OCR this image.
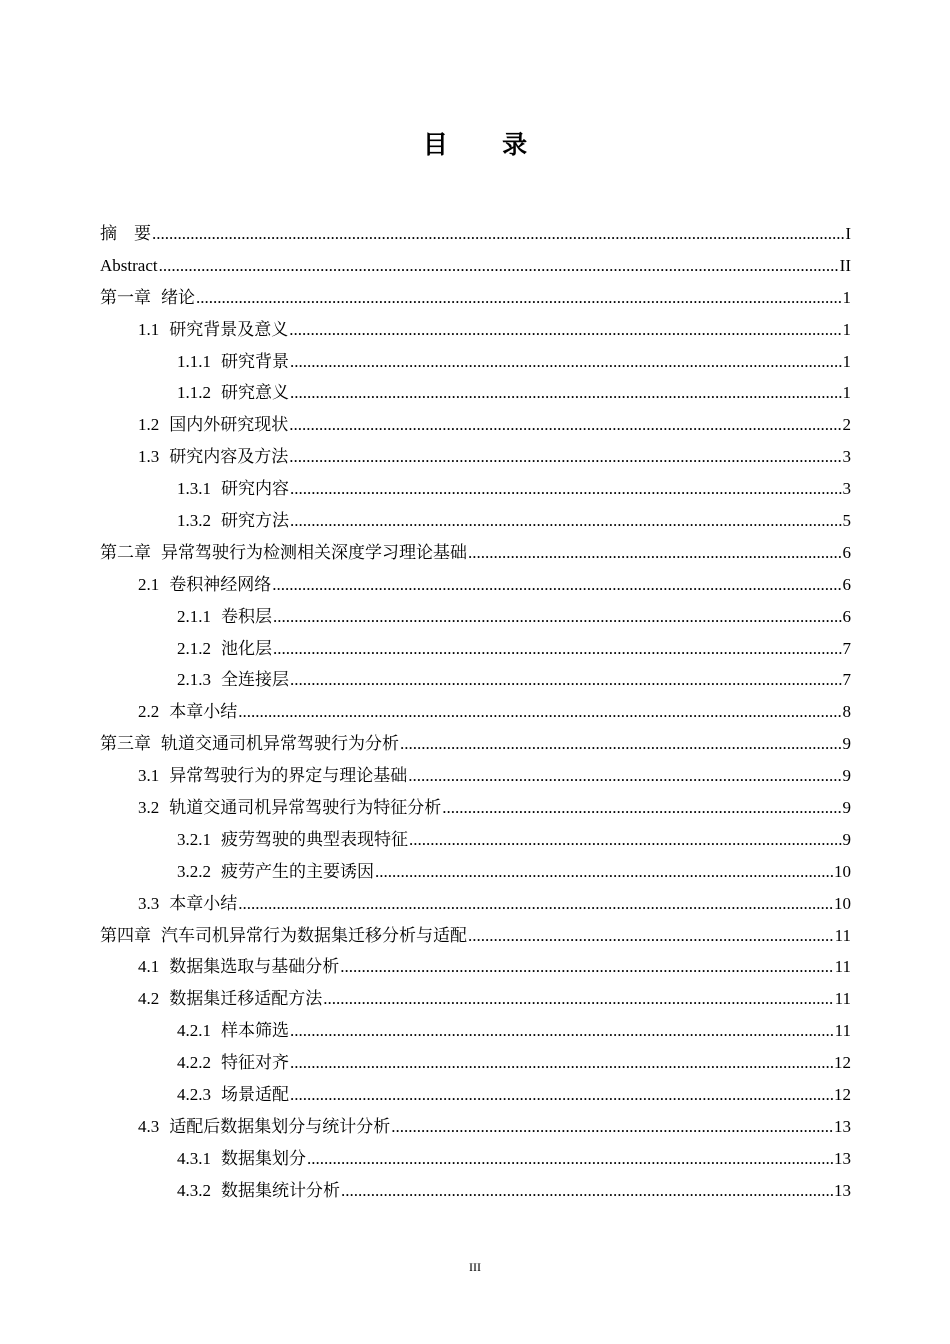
目 录
摘    要 .....	I
Abstract .....	II
第一章 绪论 .....	1
1.1 研究背景及意义 .....	1
1.1.1 研究背景 .....	1
1.1.2 研究意义 .....	1
1.2 国内外研究现状 .....	2
1.3 研究内容及方法 .....	3
1.3.1 研究内容 .....	3
1.3.2 研究方法 .....	5
第二章 异常驾驶行为检测相关深度学习理论基础 .....	6
2.1 卷积神经网络 .....	6
2.1.1 卷积层 .....	6
2.1.2 池化层 .....	7
2.1.3 全连接层 .....	7
2.2 本章小结 .....	8
第三章 轨道交通司机异常驾驶行为分析 .....	9
3.1 异常驾驶行为的界定与理论基础 .....	9
3.2 轨道交通司机异常驾驶行为特征分析 .....	9
3.2.1 疲劳驾驶的典型表现特征 .....	9
3.2.2 疲劳产生的主要诱因 .....	10
3.3 本章小结 .....	10
第四章 汽车司机异常行为数据集迁移分析与适配 .....	11
4.1 数据集选取与基础分析 .....	11
4.2 数据集迁移适配方法 .....	11
4.2.1 样本筛选 .....	11
4.2.2 特征对齐 .....	12
4.2.3 场景适配 .....	12
4.3 适配后数据集划分与统计分析 .....	13
4.3.1 数据集划分 .....	13
4.3.2 数据集统计分析 .....	13
III
